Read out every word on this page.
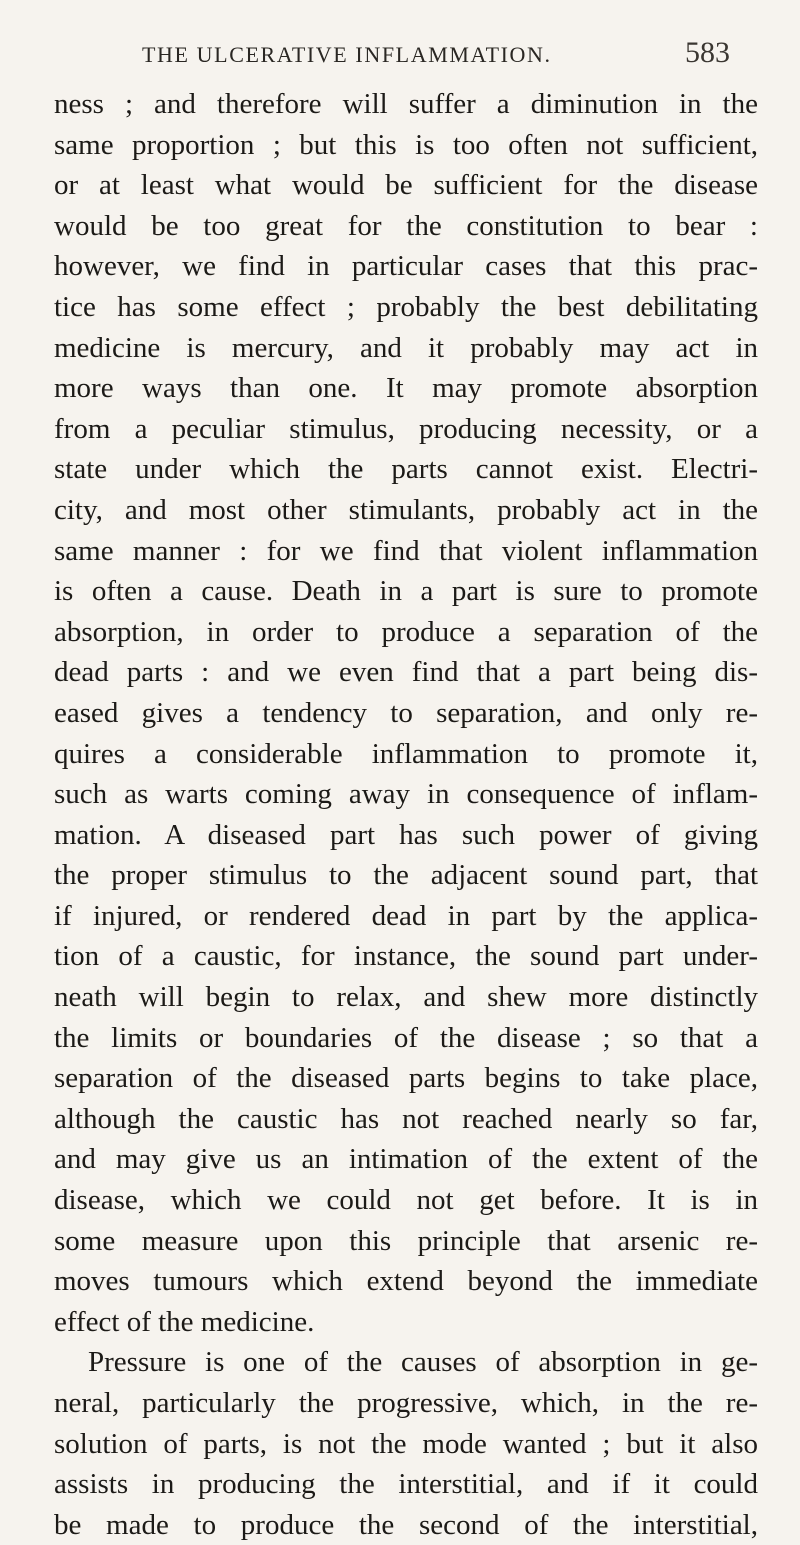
THE ULCERATIVE INFLAMMATION.	583
ness ; and therefore will suffer a diminution in the
same proportion ; but this is too often not sufficient,
or at least what would be sufficient for the disease
would be too great for the constitution to bear :
however, we find in particular cases that this prac-
tice has some effect ; probably the best debilitating
medicine is mercury, and it probably may act in
more ways than one. It may promote absorption
from a peculiar stimulus, producing necessity, or a
state under which the parts cannot exist. Electri-
city, and most other stimulants, probably act in the
same manner : for we find that violent inflammation
is often a cause. Death in a part is sure to promote
absorption, in order to produce a separation of the
dead parts : and we even find that a part being dis-
eased gives a tendency to separation, and only re-
quires a considerable inflammation to promote it,
such as warts coming away in consequence of inflam-
mation. A diseased part has such power of giving
the proper stimulus to the adjacent sound part, that
if injured, or rendered dead in part by the applica-
tion of a caustic, for instance, the sound part under-
neath will begin to relax, and shew more distinctly
the limits or boundaries of the disease ; so that a
separation of the diseased parts begins to take place,
although the caustic has not reached nearly so far,
and may give us an intimation of the extent of the
disease, which we could not get before. It is in
some measure upon this principle that arsenic re-
moves tumours which extend beyond the immediate
effect of the medicine.
Pressure is one of the causes of absorption in ge-
neral, particularly the progressive, which, in the re-
solution of parts, is not the mode wanted ; but it also
assists in producing the interstitial, and if it could
be made to produce the second of the interstitial,
